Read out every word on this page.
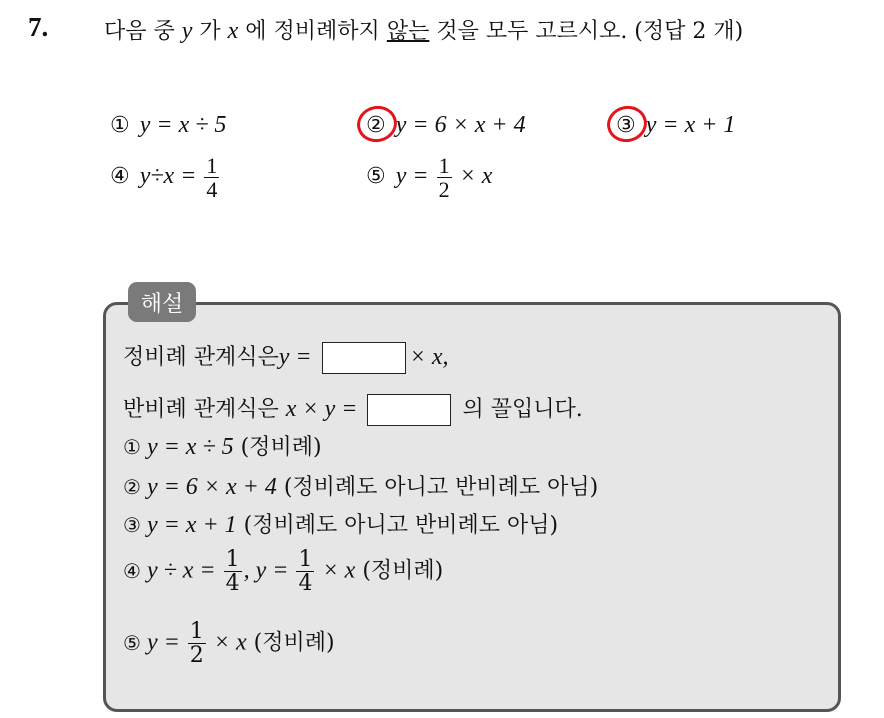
7.	다음 중 y 가 x 에 정비례하지 않는 것을 모두 고르시오. (정답 2 개)
① y = x ÷ 5	② y = 6 × x + 4	③ y = x + 1
④ $y\div x = \frac{1}{4}$	⑤ $y = \frac{1}{2} \times x$
해설
정비례 관계식은y =	× x,
반비례 관계식은 x × y =	의 꼴입니다.
① y = x ÷ 5 (정비례)
② y = 6 × x + 4 (정비례도 아니고 반비례도 아님)
③ y = x + 1 (정비례도 아니고 반비례도 아님)
④ $y \div x = \frac{1}{4}$ , $y = \frac{1}{4} \times x$ (정비례)
⑤ $y = \frac{1}{2} \times x$ (정비례)
